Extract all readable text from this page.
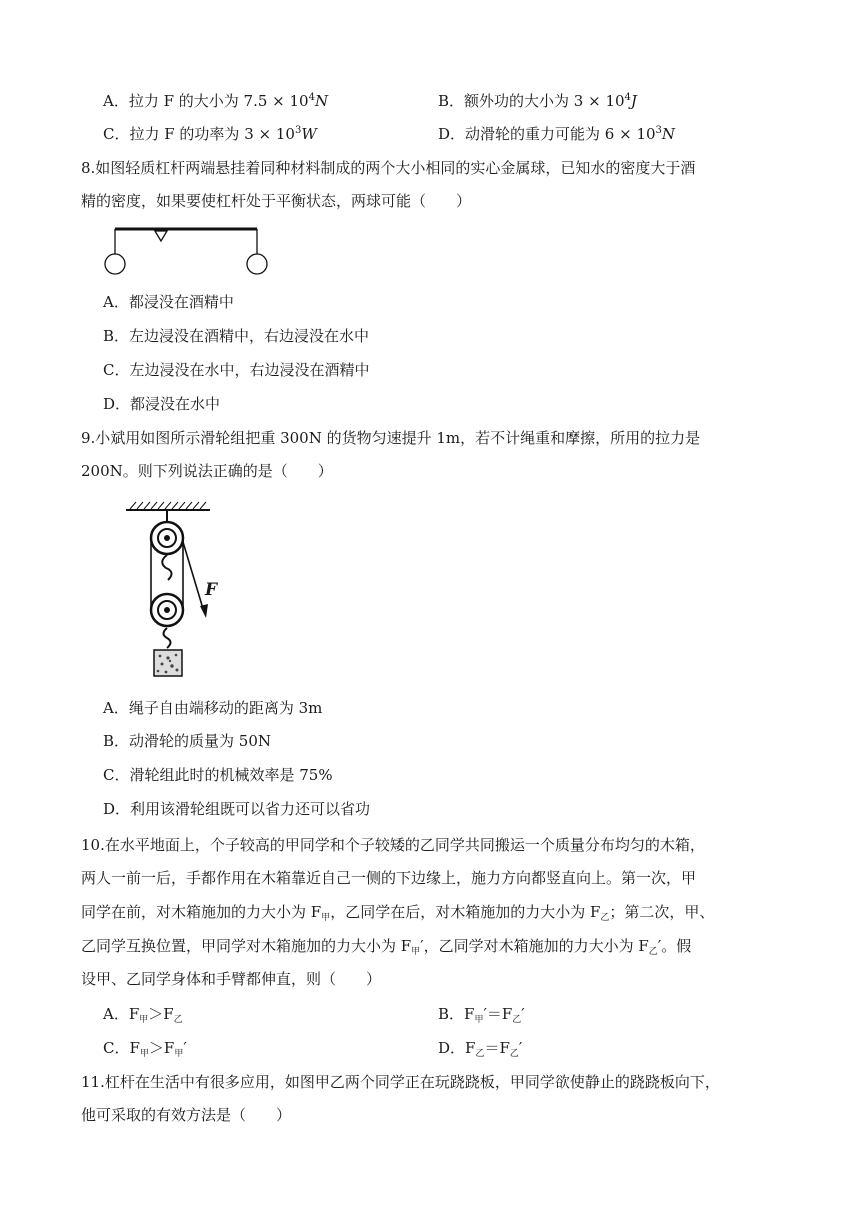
A．拉力 F 的大小为 $7.5 \times 10^4N$	B．额外功的大小为 $3 \times 10^4J$
C．拉力 F 的功率为 $3 \times 10^3W$	D．动滑轮的重力可能为 $6 \times 10^3N$
8.如图轻质杠杆两端悬挂着同种材料制成的两个大小相同的实心金属球，已知水的密度大于酒
精的密度，如果要使杠杆处于平衡状态，两球可能（　　）
A．都浸没在酒精中
B．左边浸没在酒精中，右边浸没在水中
C．左边浸没在水中，右边浸没在酒精中
D．都浸没在水中
9.小斌用如图所示滑轮组把重 300N 的货物匀速提升 1m，若不计绳重和摩擦，所用的拉力是
200N。则下列说法正确的是（　　）
F
A．绳子自由端移动的距离为 3m
B．动滑轮的质量为 50N
C．滑轮组此时的机械效率是 75%
D．利用该滑轮组既可以省力还可以省功
10.在水平地面上，个子较高的甲同学和个子较矮的乙同学共同搬运一个质量分布均匀的木箱，
两人一前一后，手都作用在木箱靠近自己一侧的下边缘上，施力方向都竖直向上。第一次，甲
同学在前，对木箱施加的力大小为 $F_甲$，乙同学在后，对木箱施加的力大小为 $F_乙$；第二次，甲、
乙同学互换位置，甲同学对木箱施加的力大小为 $F_甲'$，乙同学对木箱施加的力大小为 $F_乙'$。假
设甲、乙同学身体和手臂都伸直，则（　　）
A．$F_甲>F_乙$	B．$F_甲'=F_乙'$
C．$F_甲>F_甲'$	D．$F_乙=F_乙'$
11.杠杆在生活中有很多应用，如图甲乙两个同学正在玩跷跷板，甲同学欲使静止的跷跷板向下，
他可采取的有效方法是（　　）
